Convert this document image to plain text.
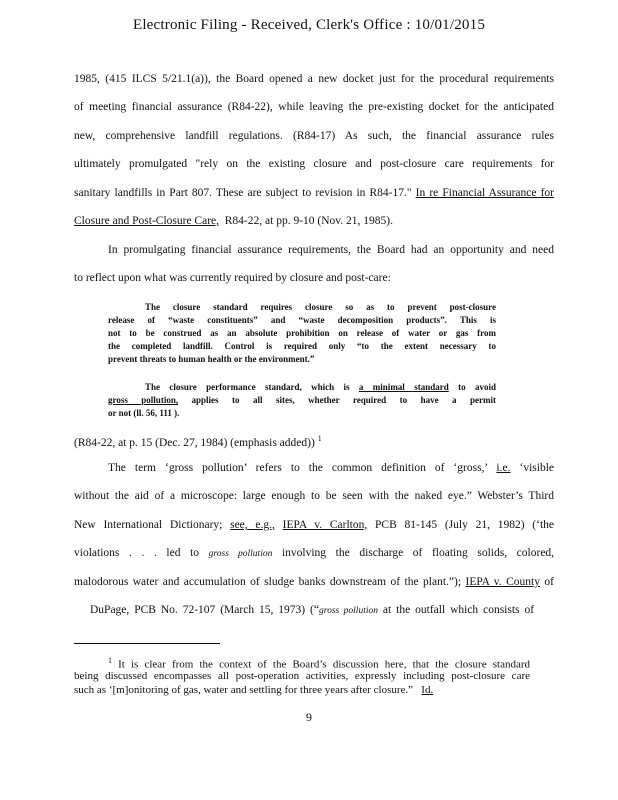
Electronic Filing - Received, Clerk's Office : 10/01/2015
1985, (415 ILCS 5/21.1(a)), the Board opened a new docket just for the procedural requirements
of meeting financial assurance (R84-22), while leaving the pre-existing docket for the anticipated
new, comprehensive landfill regulations. (R84-17) As such, the financial assurance rules
ultimately promulgated "rely on the existing closure and post-closure care requirements for
sanitary landfills in Part 807. These are subject to revision in R84-17." In re Financial Assurance for
Closure and Post-Closure Care, R84-22, at pp. 9-10 (Nov. 21, 1985).
In promulgating financial assurance requirements, the Board had an opportunity and need
to reflect upon what was currently required by closure and post-care:
The closure standard requires closure so as to prevent post-closure
release of “waste constituents” and “waste decomposition products”. This is
not to be construed as an absolute prohibition on release of water or gas from
the completed landfill. Control is required only “to the extent necessary to
prevent threats to human health or the environment.”
The closure performance standard, which is a minimal standard to avoid
gross pollution, applies to all sites, whether required to have a permit
or not (ll. 56, 111 ).
(R84-22, at p. 15 (Dec. 27, 1984) (emphasis added)) $^1$
The term ‘gross pollution’ refers to the common definition of ‘gross,’ i.e. ‘visible
without the aid of a microscope: large enough to be seen with the naked eye.” Webster’s Third
New International Dictionary; see, e.g., IEPA v. Carlton, PCB 81-145 (July 21, 1982) (‘the
violations . . . led to gross pollution involving the discharge of floating solids, colored,
malodorous water and accumulation of sludge banks downstream of the plant.”); IEPA v. County of
DuPage, PCB No. 72-107 (March 15, 1973) (“gross pollution at the outfall which consists of
$^1$ It is clear from the context of the Board’s discussion here, that the closure standard
being discussed encompasses all post-operation activities, expressly including post-closure care
such as ‘[m]onitoring of gas, water and settling for three years after closure.” Id.
9
